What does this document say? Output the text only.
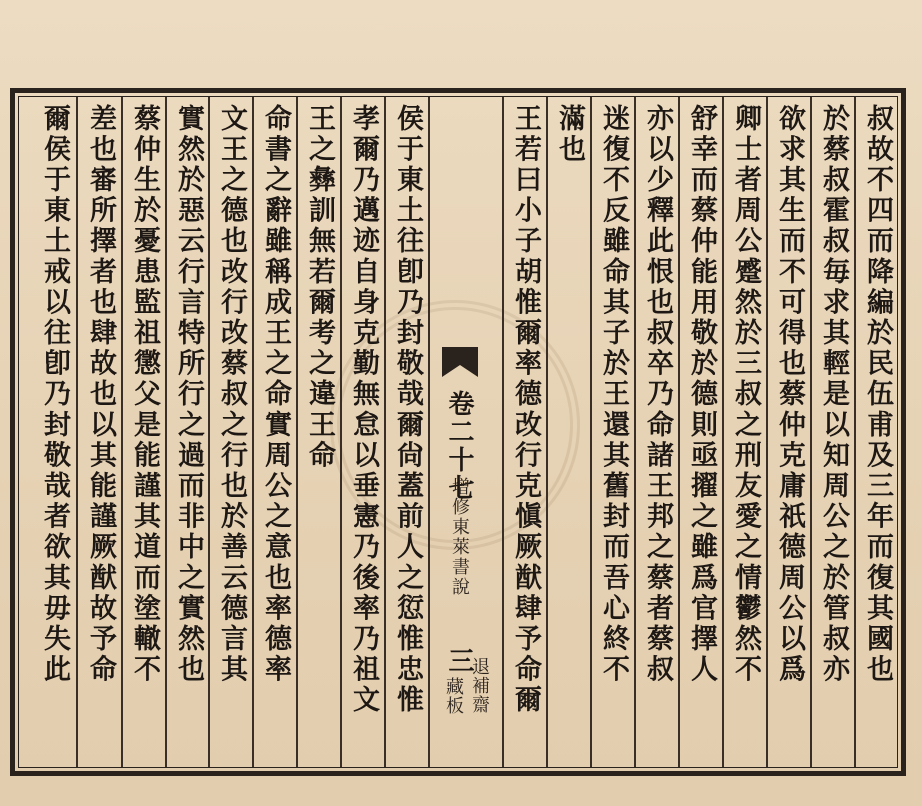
叔故不四而降編於民伍甫及三年而復其國也
於蔡叔霍叔毎求其輕是以知周公之於管叔亦
欲求其生而不可得也蔡仲克庸祇德周公以爲
卿士者周公蹙然於三叔之刑友愛之情鬱然不
舒幸而蔡仲能用敬於德則亟擢之雖爲官擇人
亦以少釋此恨也叔卒乃命諸王邦之蔡者蔡叔
迷復不反雖命其子於王還其舊封而吾心終不
滿也
王若曰小子胡惟爾率德改行克愼厥猷肆予命爾
卷二十七
增修東萊書說
三
退補齋
藏板
侯于東土往卽乃封敬哉爾尙蓋前人之愆惟忠惟
孝爾乃邁迹自身克勤無怠以垂憲乃後率乃祖文
王之彝訓無若爾考之違王命
命書之辭雖稱成王之命實周公之意也率德率
文王之德也改行改蔡叔之行也於善云德言其
實然於惡云行言特所行之過而非中之實然也
蔡仲生於憂患監祖懲父是能謹其道而塗轍不
差也審所擇者也肆故也以其能謹厥猷故予命
爾侯于東土戒以往卽乃封敬哉者欲其毋失此
